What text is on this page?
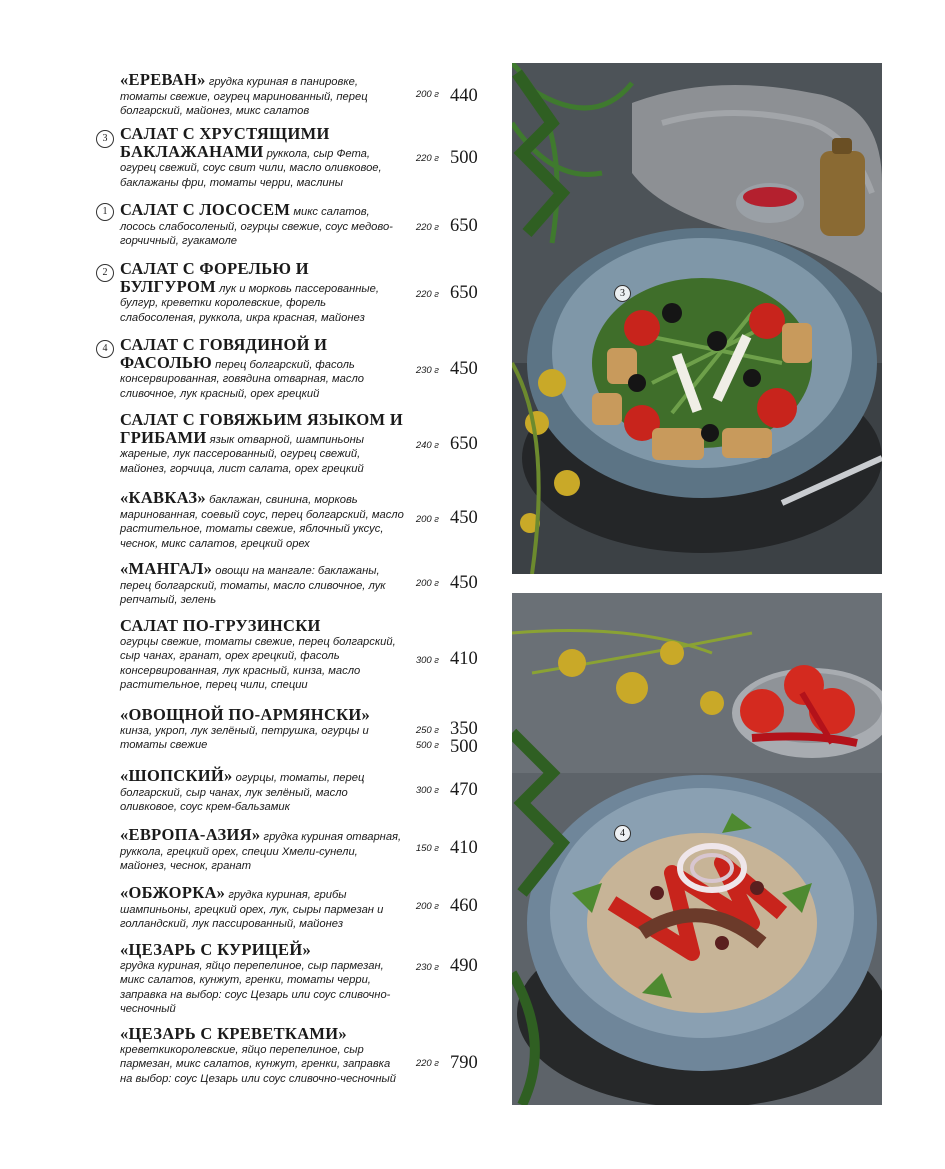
«ЕРЕВАН» грудка куриная в панировке, томаты свежие, огурец маринованный, перец болгарский, майонез, микс салатов
200 г 440
3 САЛАТ С ХРУСТЯЩИМИ БАКЛАЖАНАМИ руккола, сыр Фета, огурец свежий, соус свит чили, масло оливковое, баклажаны фри, томаты черри, маслины
220 г 500
1 САЛАТ С ЛОСОСЕМ микс салатов, лосось слабосоленый, огурцы свежие, соус медово-горчичный, гуакамоле
220 г 650
2 САЛАТ С ФОРЕЛЬЮ И БУЛГУРОМ лук и морковь пассерованные, булгур, креветки королевские, форель слабосоленая, руккола, икра красная, майонез
220 г 650
4 САЛАТ С ГОВЯДИНОЙ И ФАСОЛЬЮ перец болгарский, фасоль консервированная, говядина отварная, масло сливочное, лук красный, орех грецкий
230 г 450
САЛАТ С ГОВЯЖЬИМ ЯЗЫКОМ И ГРИБАМИ язык отварной, шампиньоны жареные, лук пассерованный, огурец свежий, майонез, горчица, лист салата, орех грецкий
240 г 650
«КАВКАЗ» баклажан, свинина, морковь маринованная, соевый соус, перец болгарский, масло растительное, томаты свежие, яблочный уксус, чеснок, микс салатов, грецкий орех
200 г 450
«МАНГАЛ» овощи на мангале: баклажаны, перец болгарский, томаты, масло сливочное, лук репчатый, зелень
200 г 450
САЛАТ ПО-ГРУЗИНСКИ
огурцы свежие, томаты свежие, перец болгарский, сыр чанах, гранат, орех грецкий, фасоль консервированная, лук красный, кинза, масло растительное, перец чили, специи
300 г 410
«ОВОЩНОЙ ПО-АРМЯНСКИ»
кинза, укроп, лук зелёный, петрушка, огурцы и томаты свежие
250 г 350
500 г 500
«ШОПСКИЙ» огурцы, томаты, перец болгарский, сыр чанах, лук зелёный, масло оливковое, соус крем-бальзамик
300 г 470
«ЕВРОПА-АЗИЯ» грудка куриная отварная, руккола, грецкий орех, специи Хмели-сунели, майонез, чеснок, гранат
150 г 410
«ОБЖОРКА» грудка куриная, грибы шампиньоны, грецкий орех, лук, сыры пармезан и голландский, лук пассированный, майонез
200 г 460
«ЦЕЗАРЬ С КУРИЦЕЙ»
грудка куриная, яйцо перепелиное, сыр пармезан, микс салатов, кунжут, гренки, томаты черри, заправка на выбор: соус Цезарь или соус сливочно-чесночный
230 г 490
«ЦЕЗАРЬ С КРЕВЕТКАМИ»
креветкикоролевские, яйцо перепелиное, сыр пармезан, микс салатов, кунжут, гренки, заправка на выбор: соус Цезарь или соус сливочно-чесночный
220 г 790
3
4
